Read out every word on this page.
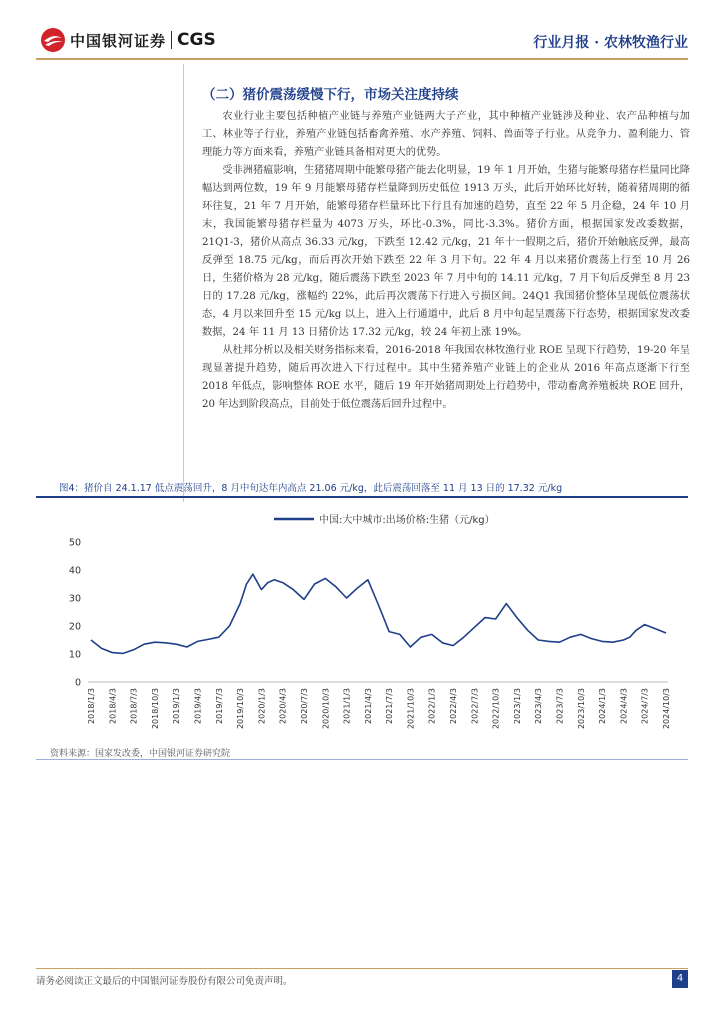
中国银河证券 CGS	行业月报 · 农林牧渔行业
（二）猪价震荡缓慢下行，市场关注度持续

农业行业主要包括种植产业链与养殖产业链两大子产业，其中种植产业链涉及种业、农产品种植与加工、林业等子行业，养殖产业链包括畜禽养殖、水产养殖、饲料、兽面等子行业。从竞争力、盈利能力、管理能力等方面来看，养殖产业链具备相对更大的优势。

受非洲猪瘟影响，生猪猪周期中能繁母猪产能去化明显，19 年 1 月开始，生猪与能繁母猪存栏量同比降幅达到两位数，19 年 9 月能繁母猪存栏量降到历史低位 1913 万头，此后开始环比好转，随着猪周期的循环往复，21 年 7 月开始，能繁母猪存栏量环比下行且有加速的趋势，直至 22 年 5 月企稳，24 年 10 月末，我国能繁母猪存栏量为 4073 万头，环比-0.3%，同比-3.3%。猪价方面，根据国家发改委数据，21Q1-3，猪价从高点 36.33 元/kg，下跌至 12.42 元/kg，21 年十一假期之后，猪价开始触底反弹，最高反弹至 18.75 元/kg，而后再次开始下跌至 22 年 3 月下旬。22 年 4 月以来猪价震荡上行至 10 月 26 日，生猪价格为 28 元/kg，随后震荡下跌至 2023 年 7 月中旬的 14.11 元/kg，7 月下旬后反弹至 8 月 23 日的 17.28 元/kg，涨幅约 22%，此后再次震荡下行进入亏损区间。24Q1 我国猪价整体呈现低位震荡状态，4 月以来回升至 15 元/kg 以上，进入上行通道中，此后 8 月中旬起呈震荡下行态势，根据国家发改委数据，24 年 11 月 13 日猪价达 17.32 元/kg，较 24 年初上涨 19%。

从杜邦分析以及相关财务指标来看，2016-2018 年我国农林牧渔行业 ROE 呈现下行趋势，19-20 年呈现显著提升趋势，随后再次进入下行过程中。其中生猪养殖产业链上的企业从 2016 年高点逐渐下行至 2018 年低点，影响整体 ROE 水平，随后 19 年开始猪周期处上行趋势中，带动畜禽养殖板块 ROE 回升，20 年达到阶段高点，目前处于低位震荡后回升过程中。

图4：猪价自 24.1.17 低点震荡回升，8 月中旬达年内高点 21.06 元/kg，此后震荡回落至 11 月 13 日的 17.32 元/kg
中国:大中城市:出场价格:生猪（元/kg）
0
10
20
30
40
50
2018/1/3 2018/4/3 2018/7/3 2018/10/3 2019/1/3 2019/4/3 2019/7/3 2019/10/3 2020/1/3 2020/4/3 2020/7/3 2020/10/3 2021/1/3 2021/4/3 2021/7/3 2021/10/3 2022/1/3 2022/4/3 2022/7/3 2022/10/3 2023/1/3 2023/4/3 2023/7/3 2023/10/3 2024/1/3 2024/4/3 2024/7/3 2024/10/3
资料来源：国家发改委，中国银河证券研究院
请务必阅读正文最后的中国银河证券股份有限公司免责声明。	4
